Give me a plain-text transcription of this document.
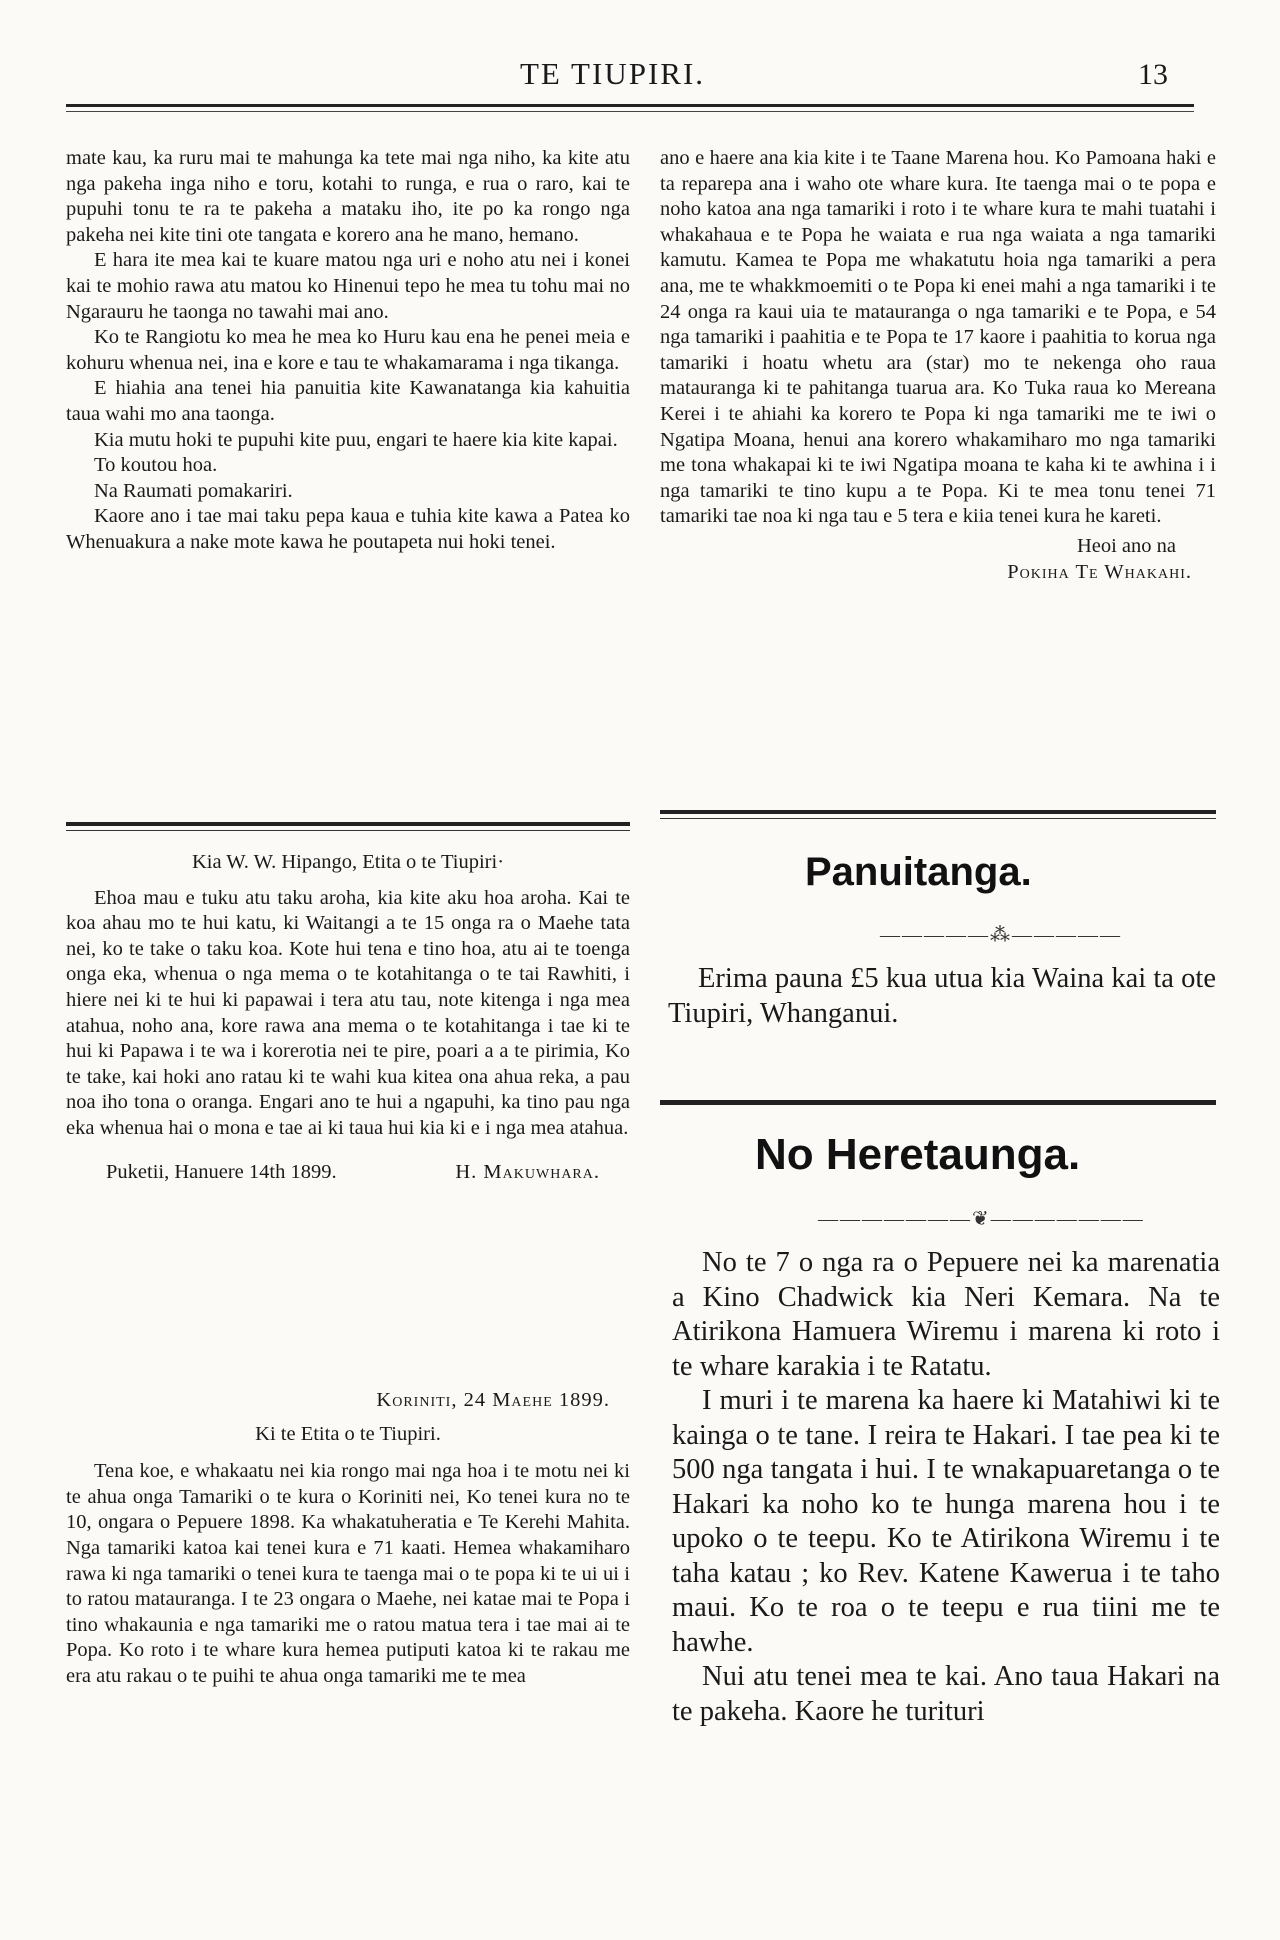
TE TIUPIRI.	13

mate kau, ka ruru mai te mahunga ka tete mai nga niho, ka kite atu nga pakeha inga niho e toru, kotahi to runga, e rua o raro, kai te pupuhi tonu te ra te pakeha a mataku iho, ite po ka rongo nga pakeha nei kite tini ote tangata e korero ana he mano, hemano.

E hara ite mea kai te kuare matou nga uri e noho atu nei i konei kai te mohio rawa atu matou ko Hinenui tepo he mea tu tohu mai no Ngarauru he taonga no tawahi mai ano.

Ko te Rangiotu ko mea he mea ko Huru kau ena he penei meia e kohuru whenua nei, ina e kore e tau te whakamarama i nga tikanga.

E hiahia ana tenei hia panuitia kite Kawanatanga kia kahuitia taua wahi mo ana taonga.

Kia mutu hoki te pupuhi kite puu, engari te haere kia kite kapai.

To koutou hoa.

Na Raumati pomakariri.

Kaore ano i tae mai taku pepa kaua e tuhia kite kawa a Patea ko Whenuakura a nake mote kawa he poutapeta nui hoki tenei.

Kia W. W. Hipango, Etita o te Tiupiri·

Ehoa mau e tuku atu taku aroha, kia kite aku hoa aroha. Kai te koa ahau mo te hui katu, ki Waitangi a te 15 onga ra o Maehe tata nei, ko te take o taku koa. Kote hui tena e tino hoa, atu ai te toenga onga eka, whenua o nga mema o te kotahitanga o te tai Rawhiti, i hiere nei ki te hui ki papawai i tera atu tau, note kitenga i nga mea atahua, noho ana, kore rawa ana mema o te kotahitanga i tae ki te hui ki Papawa i te wa i korerotia nei te pire, poari a a te pirimia, Ko te take, kai hoki ano ratau ki te wahi kua kitea ona ahua reka, a pau noa iho tona o oranga. Engari ano te hui a ngapuhi, ka tino pau nga eka whenua hai o mona e tae ai ki taua hui kia ki e i nga mea atahua.

Puketii, Hanuere 14th 1899.	H. Makuwhara.

Koriniti, 24 Maehe 1899.

Ki te Etita o te Tiupiri.

Tena koe, e whakaatu nei kia rongo mai nga hoa i te motu nei ki te ahua onga Tamariki o te kura o Koriniti nei, Ko tenei kura no te 10, ongara o Pepuere 1898. Ka whakatuheratia e Te Kerehi Mahita. Nga tamariki katoa kai tenei kura e 71 kaati. Hemea whakamiharo rawa ki nga tamariki o tenei kura te taenga mai o te popa ki te ui ui i to ratou matauranga. I te 23 ongara o Maehe, nei katae mai te Popa i tino whakaunia e nga tamariki me o ratou matua tera i tae mai ai te Popa. Ko roto i te whare kura hemea putiputi katoa ki te rakau me era atu rakau o te puihi te ahua onga tamariki me te mea

ano e haere ana kia kite i te Taane Marena hou. Ko Pamoana haki e ta reparepa ana i waho ote whare kura. Ite taenga mai o te popa e noho katoa ana nga tamariki i roto i te whare kura te mahi tuatahi i whakahaua e te Popa he waiata e rua nga waiata a nga tamariki kamutu. Kamea te Popa me whakatutu hoia nga tamariki a pera ana, me te whakkmoemiti o te Popa ki enei mahi a nga tamariki i te 24 onga ra kaui uia te matauranga o nga tamariki e te Popa, e 54 nga tamariki i paahitia e te Popa te 17 kaore i paahitia to korua nga tamariki i hoatu whetu ara (star) mo te nekenga oho raua matauranga ki te pahitanga tuarua ara. Ko Tuka raua ko Mereana Kerei i te ahiahi ka korero te Popa ki nga tamariki me te iwi o Ngatipa Moana, henui ana korero whakamiharo mo nga tamariki me tona whakapai ki te iwi Ngatipa moana te kaha ki te awhina i i nga tamariki te tino kupu a te Popa. Ki te mea tonu tenei 71 tamariki tae noa ki nga tau e 5 tera e kiia tenei kura he kareti.

Heoi ano na

Pokiha Te Whakahi.

Panuitanga.
—————⁂—————
Erima pauna £5 kua utua kia Waina kai ta ote Tiupiri, Whanganui.
No Heretaunga.
———————❦———————

No te 7 o nga ra o Pepuere nei ka marenatia a Kino Chadwick kia Neri Kemara. Na te Atirikona Hamuera Wiremu i marena ki roto i te whare karakia i te Ratatu.

I muri i te marena ka haere ki Matahiwi ki te kainga o te tane. I reira te Hakari. I tae pea ki te 500 nga tangata i hui. I te wnakapuaretanga o te Hakari ka noho ko te hunga marena hou i te upoko o te teepu. Ko te Atirikona Wiremu i te taha katau ; ko Rev. Katene Kawerua i te taho maui. Ko te roa o te teepu e rua tiini me te hawhe.

Nui atu tenei mea te kai. Ano taua Hakari na te pakeha. Kaore he turituri
